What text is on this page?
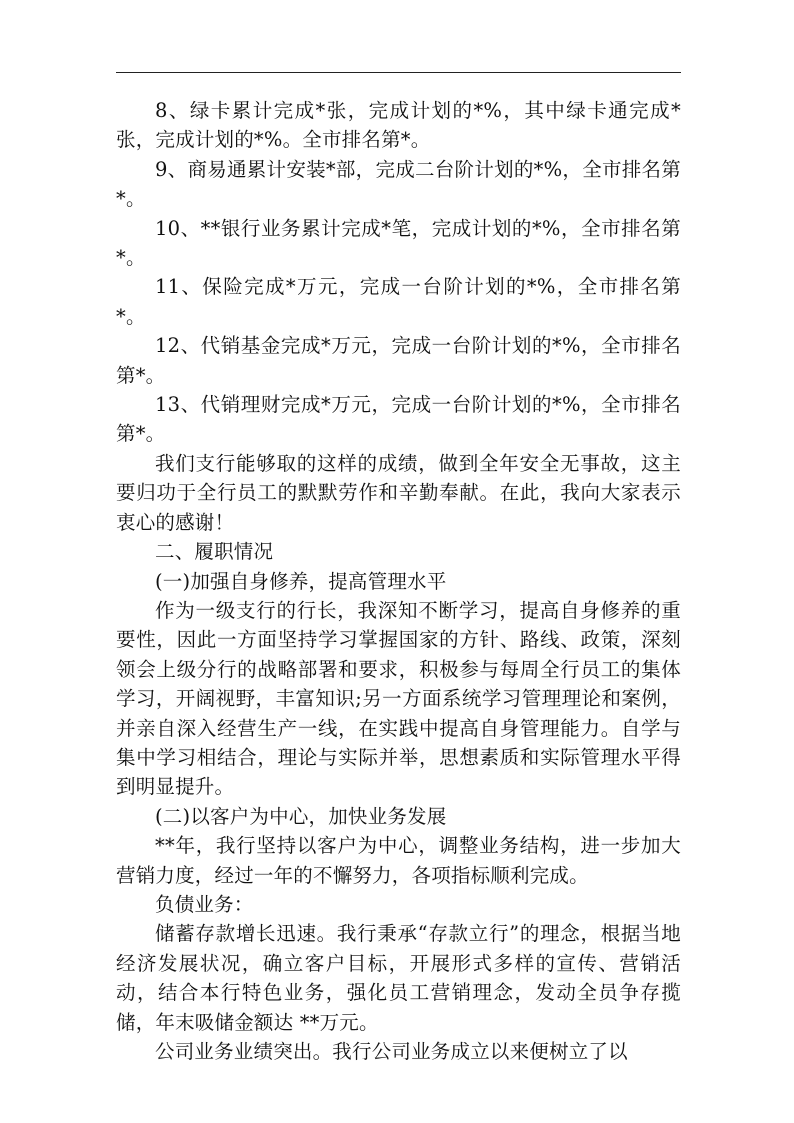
8、绿卡累计完成*张，完成计划的*%，其中绿卡通完成*张，完成计划的*%。全市排名第*。

9、商易通累计安装*部，完成二台阶计划的*%，全市排名第*。

10、**银行业务累计完成*笔，完成计划的*%，全市排名第*。

11、保险完成*万元，完成一台阶计划的*%，全市排名第*。

12、代销基金完成*万元，完成一台阶计划的*%，全市排名第*。

13、代销理财完成*万元，完成一台阶计划的*%，全市排名第*。

我们支行能够取的这样的成绩，做到全年安全无事故，这主要归功于全行员工的默默劳作和辛勤奉献。在此，我向大家表示衷心的感谢！

二、履职情况

(一)加强自身修养，提高管理水平

作为一级支行的行长，我深知不断学习，提高自身修养的重要性，因此一方面坚持学习掌握国家的方针、路线、政策，深刻领会上级分行的战略部署和要求，积极参与每周全行员工的集体学习，开阔视野，丰富知识;另一方面系统学习管理理论和案例，并亲自深入经营生产一线，在实践中提高自身管理能力。自学与集中学习相结合，理论与实际并举，思想素质和实际管理水平得到明显提升。

(二)以客户为中心，加快业务发展

**年，我行坚持以客户为中心，调整业务结构，进一步加大营销力度，经过一年的不懈努力，各项指标顺利完成。

负债业务：

储蓄存款增长迅速。我行秉承“存款立行”的理念，根据当地经济发展状况，确立客户目标，开展形式多样的宣传、营销活动，结合本行特色业务，强化员工营销理念，发动全员争存揽储，年末吸储金额达 **万元。

公司业务业绩突出。我行公司业务成立以来便树立了以
